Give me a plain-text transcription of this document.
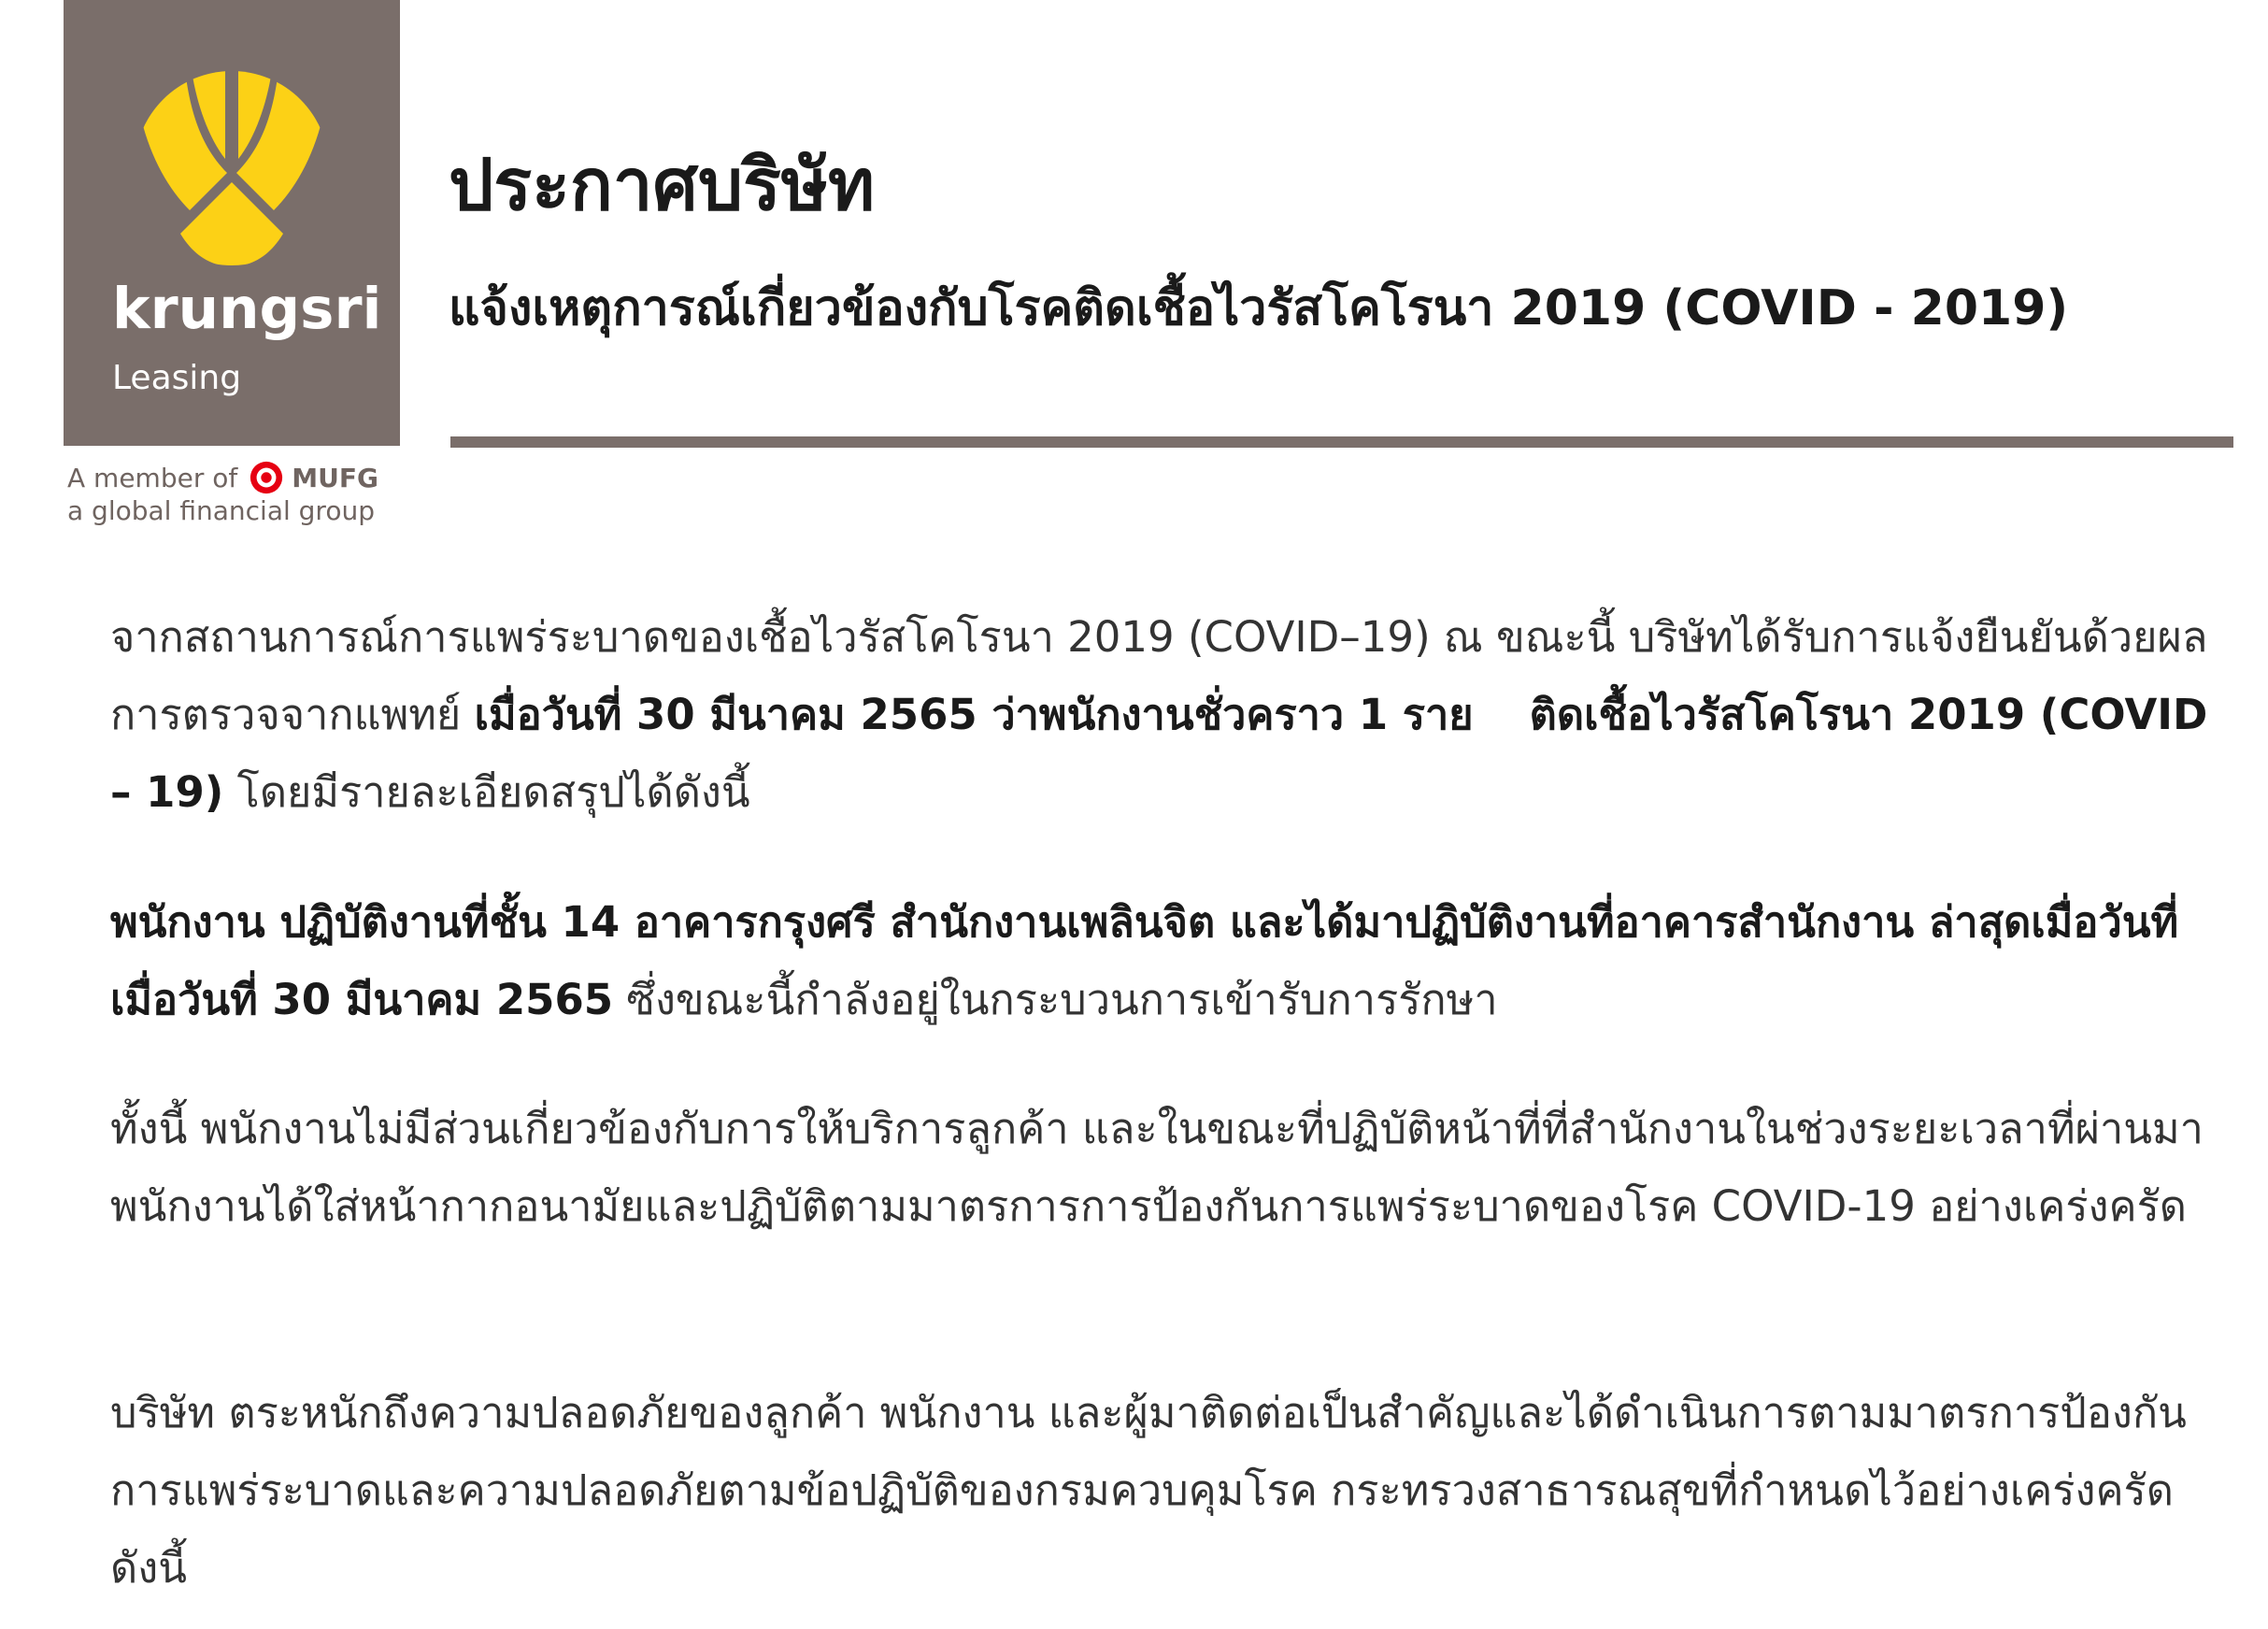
krungsri
Leasing
A member of MUFG
a global financial group
ประกาศบริษัท
แจ้งเหตุการณ์เกี่ยวข้องกับโรคติดเชื้อไวรัสโคโรนา 2019 (COVID - 2019)
จากสถานการณ์การแพร่ระบาดของเชื้อไวรัสโคโรนา 2019 (COVID–19) ณ ขณะนี้ บริษัทได้รับการแจ้งยืนยันด้วยผลการตรวจจากแพทย์ เมื่อวันที่ 30 มีนาคม 2565 ว่าพนักงานชั่วคราว 1 ราย ติดเชื้อไวรัสโคโรนา 2019 (COVID – 19) โดยมีรายละเอียดสรุปได้ดังนี้
พนักงาน ปฏิบัติงานที่ชั้น 14 อาคารกรุงศรี สำนักงานเพลินจิต และได้มาปฏิบัติงานที่อาคารสำนักงาน ล่าสุดเมื่อวันที่ เมื่อวันที่ 30 มีนาคม 2565 ซึ่งขณะนี้กำลังอยู่ในกระบวนการเข้ารับการรักษา
ทั้งนี้ พนักงานไม่มีส่วนเกี่ยวข้องกับการให้บริการลูกค้า และในขณะที่ปฏิบัติหน้าที่ที่สำนักงานในช่วงระยะเวลาที่ผ่านมา พนักงานได้ใส่หน้ากากอนามัยและปฏิบัติตามมาตรการการป้องกันการแพร่ระบาดของโรค COVID-19 อย่างเคร่งครัด
บริษัท ตระหนักถึงความปลอดภัยของลูกค้า พนักงาน และผู้มาติดต่อเป็นสำคัญและได้ดำเนินการตามมาตรการป้องกันการแพร่ระบาดและความปลอดภัยตามข้อปฏิบัติของกรมควบคุมโรค กระทรวงสาธารณสุขที่กำหนดไว้อย่างเคร่งครัด ดังนี้
